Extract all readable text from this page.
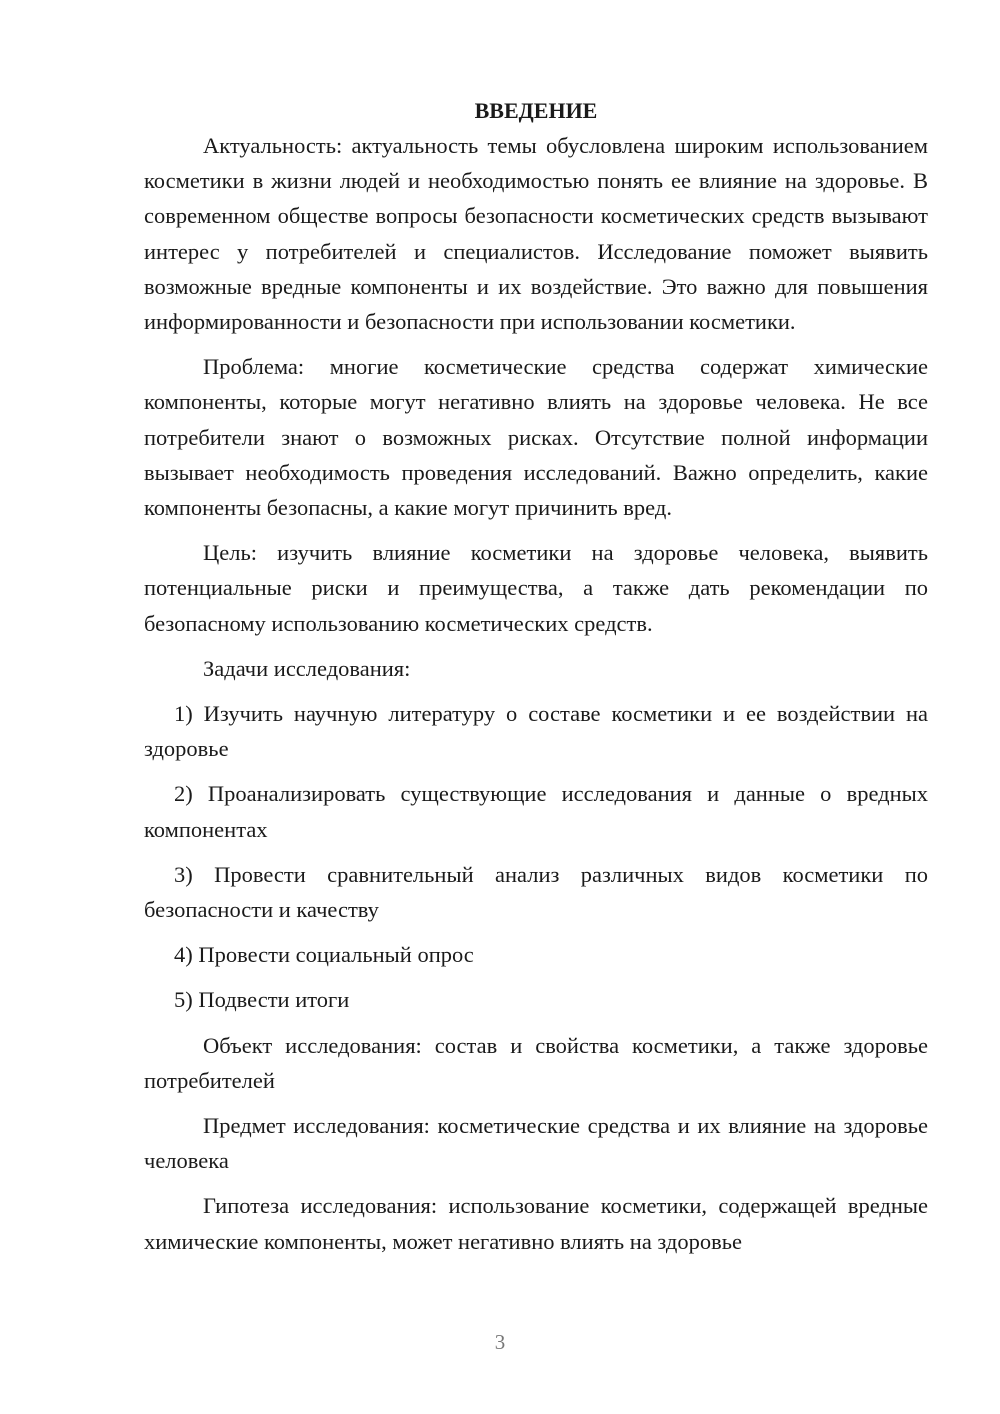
ВВЕДЕНИЕ

Актуальность: актуальность темы обусловлена широким использованием косметики в жизни людей и необходимостью понять ее влияние на здоровье. В современном обществе вопросы безопасности косметических средств вызывают интерес у потребителей и специалистов. Исследование поможет выявить возможные вредные компоненты и их воздействие. Это важно для повышения информированности и безопасности при использовании косметики.

Проблема: многие косметические средства содержат химические компоненты, которые могут негативно влиять на здоровье человека. Не все потребители знают о возможных рисках. Отсутствие полной информации вызывает необходимость проведения исследований. Важно определить, какие компоненты безопасны, а какие могут причинить вред.

Цель: изучить влияние косметики на здоровье человека, выявить потенциальные риски и преимущества, а также дать рекомендации по безопасному использованию косметических средств.

Задачи исследования:

1) Изучить научную литературу о составе косметики и ее воздействии на здоровье

2) Проанализировать существующие исследования и данные о вредных компонентах

3) Провести сравнительный анализ различных видов косметики по безопасности и качеству

4) Провести социальный опрос

5) Подвести итоги

Объект исследования: состав и свойства косметики, а также здоровье потребителей

Предмет исследования: косметические средства и их влияние на здоровье человека

Гипотеза исследования: использование косметики, содержащей вредные химические компоненты, может негативно влиять на здоровье

3
